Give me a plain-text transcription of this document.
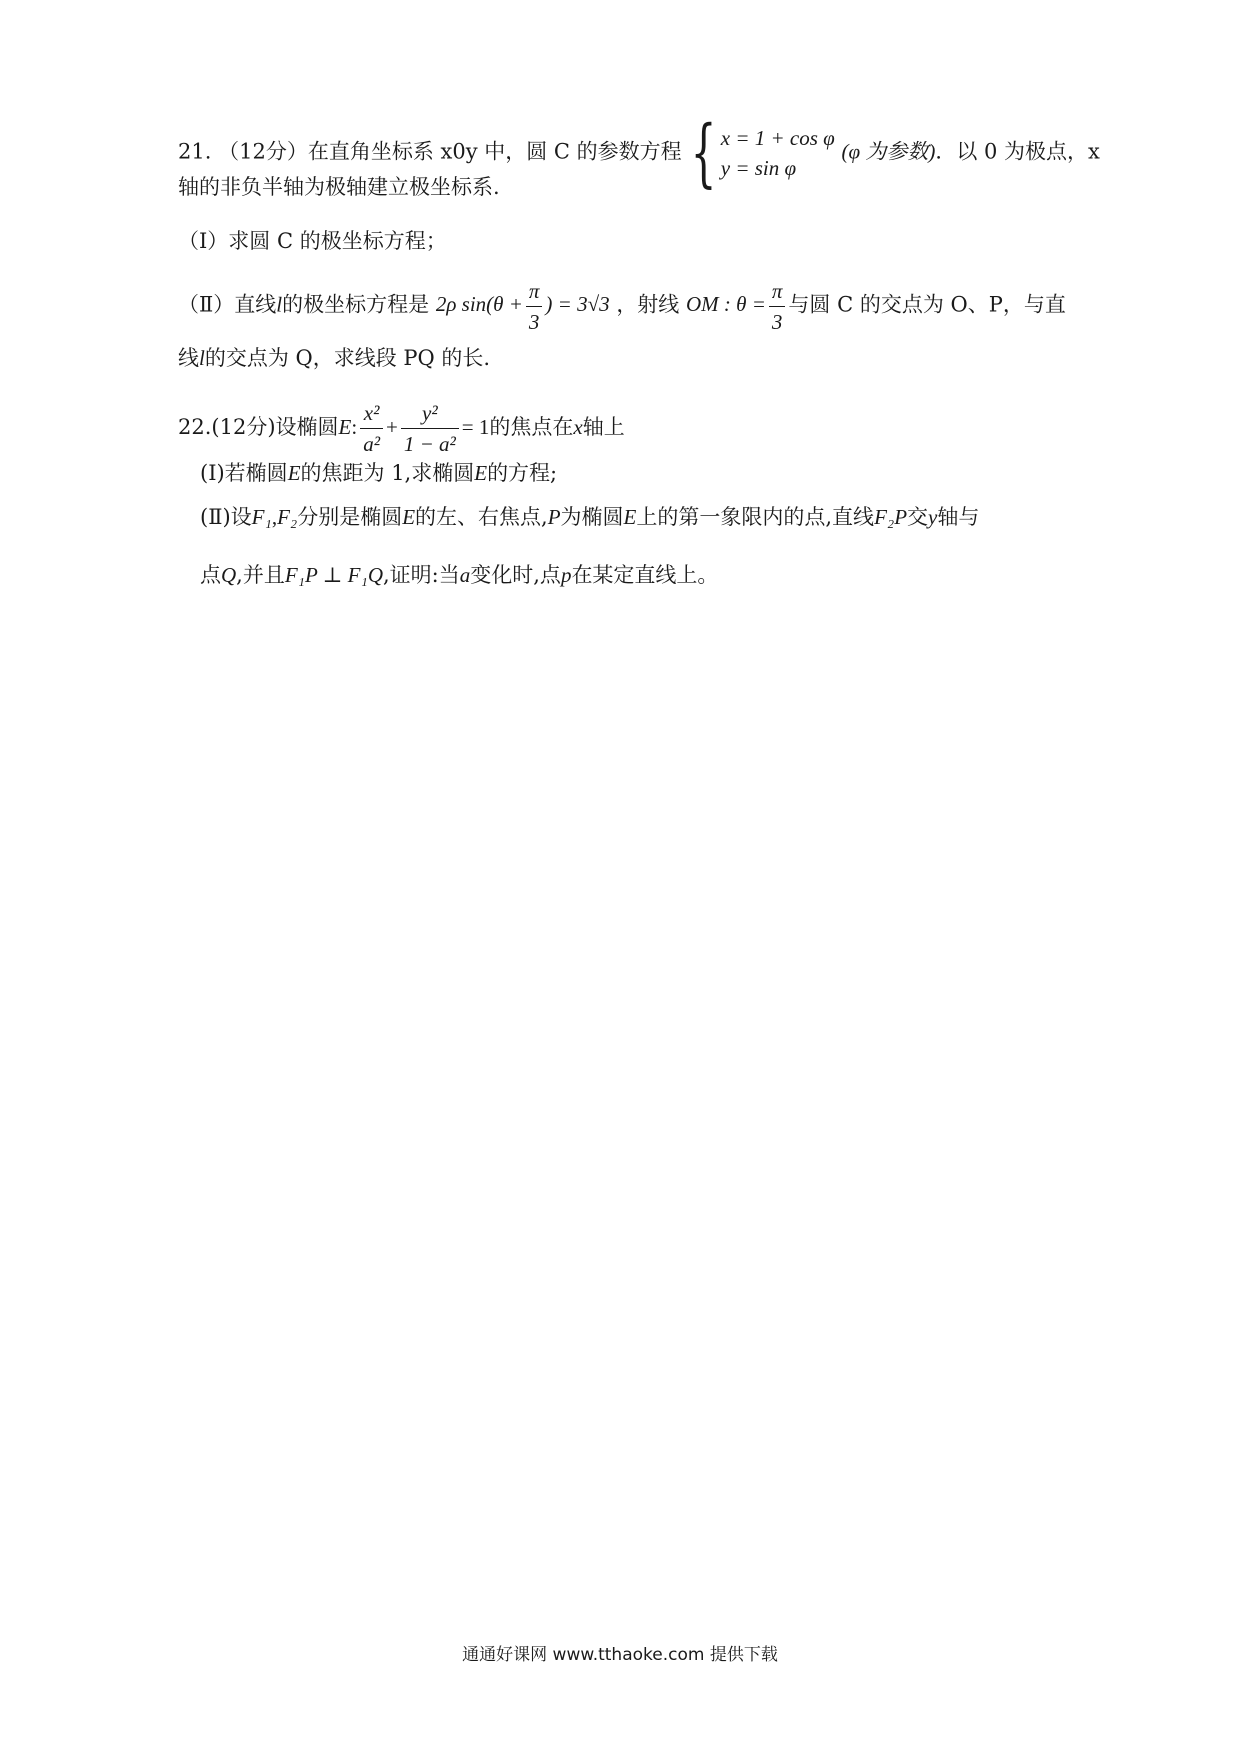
21. （12分）在直角坐标系 x0y 中，圆 C 的参数方程 { x = 1 + cos φ
y = sin φ
(φ 为参数)．以 0 为极点，x
轴的非负半轴为极轴建立极坐标系.
（Ⅰ）求圆 C 的极坐标方程；
（Ⅱ）直线l的极坐标方程是 2ρ $\sin(\theta + \frac{\pi}{3}$ ) = 3√3 ，射线 OM : $\theta = \frac{\pi}{3}$ 与圆 C 的交点为 O、P，与直
线l的交点为 Q，求线段 PQ 的长.
22.(12分)设椭圆E: $\frac{\text{x²}}{\text{a²}} + \frac{\text{y²}}{\text{1 − a²}} = 1$的焦点在x轴上
(Ⅰ)若椭圆E的焦距为 1,求椭圆E的方程;
(Ⅱ)设F₁,F₂分别是椭圆E的左、右焦点,P为椭圆E上的第一象限内的点,直线F₂P交y轴与
点Q,并且F₁P ⊥ F₁Q,证明:当a变化时,点p在某定直线上。
通通好课网 www.tthaoke.com 提供下载
